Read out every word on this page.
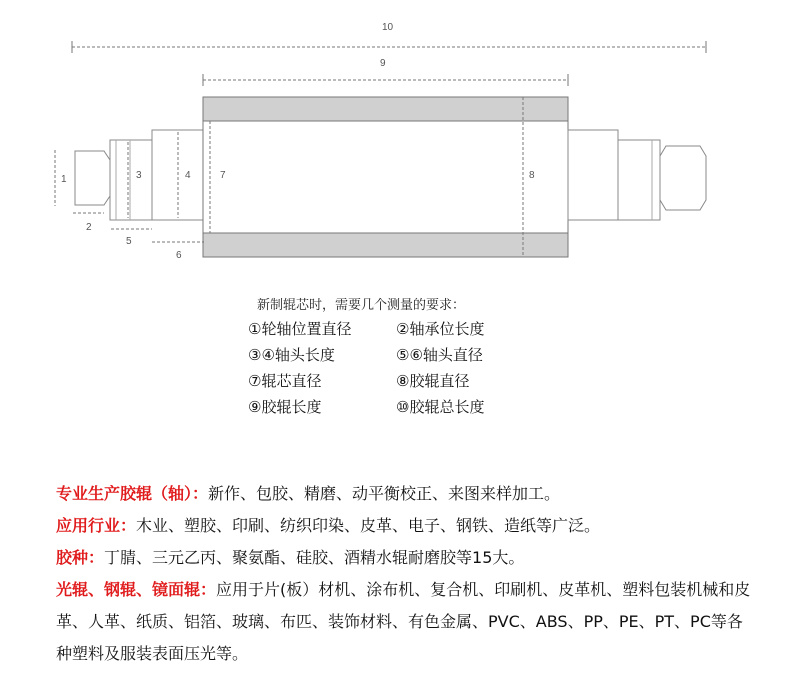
10
9
1
2
3	4
5
6
7	8
新制辊芯时，需要几个测量的要求：
①轮轴位置直径	②轴承位长度
③④轴头长度	⑤⑥轴头直径
⑦辊芯直径	⑧胶辊直径
⑨胶辊长度	⑩胶辊总长度

专业生产胶辊（轴）：新作、包胶、精磨、动平衡校正、来图来样加工。

应用行业：木业、塑胶、印刷、纺织印染、皮革、电子、钢铁、造纸等广泛。

胶种：丁腈、三元乙丙、聚氨酯、硅胶、酒精水辊耐磨胶等15大。

光辊、钢辊、镜面辊：应用于片(板）材机、涂布机、复合机、印刷机、皮革机、塑料包装机械和皮革、人革、纸质、铝箔、玻璃、布匹、装饰材料、有色金属、PVC、ABS、PP、PE、PT、PC等各种塑料及服装表面压光等。
